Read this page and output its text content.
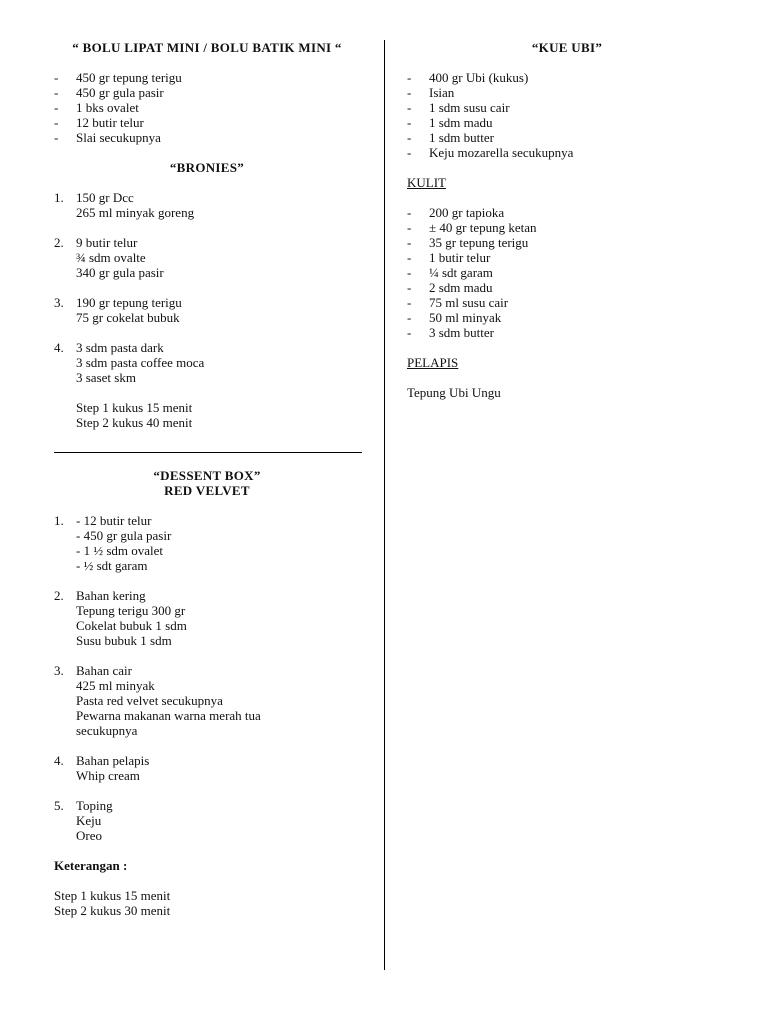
“ BOLU LIPAT MINI / BOLU BATIK MINI “
- 450 gr tepung terigu
- 450 gr gula pasir
- 1 bks ovalet
- 12 butir telur
- Slai secukupnya
“BRONIES”
1. 150 gr Dcc
265 ml minyak goreng
2. 9 butir telur
¾ sdm ovalte
340 gr gula pasir
3. 190 gr tepung terigu
75 gr cokelat bubuk
4. 3 sdm pasta dark
3 sdm pasta coffee moca
3 saset skm
Step 1 kukus 15 menit
Step 2 kukus 40 menit
“DESSENT BOX”
RED VELVET
1. - 12 butir telur
- 450 gr gula pasir
- 1 ½ sdm ovalet
- ½ sdt garam
2. Bahan kering
Tepung terigu 300 gr
Cokelat bubuk 1 sdm
Susu bubuk 1 sdm
3. Bahan cair
425 ml minyak
Pasta red velvet secukupnya
Pewarna makanan warna merah tua
secukupnya
4. Bahan pelapis
Whip cream
5. Toping
Keju
Oreo

Keterangan :

Step 1 kukus 15 menit

Step 2 kukus 30 menit

“KUE UBI”
- 400 gr Ubi (kukus)
- Isian
- 1 sdm susu cair
- 1 sdm madu
- 1 sdm butter
- Keju mozarella secukupnya

KULIT

- 200 gr tapioka
- ± 40 gr tepung ketan
- 35 gr tepung terigu
- 1 butir telur
- ¼ sdt garam
- 2 sdm madu
- 75 ml susu cair
- 50 ml minyak
- 3 sdm butter

PELAPIS

Tepung Ubi Ungu
